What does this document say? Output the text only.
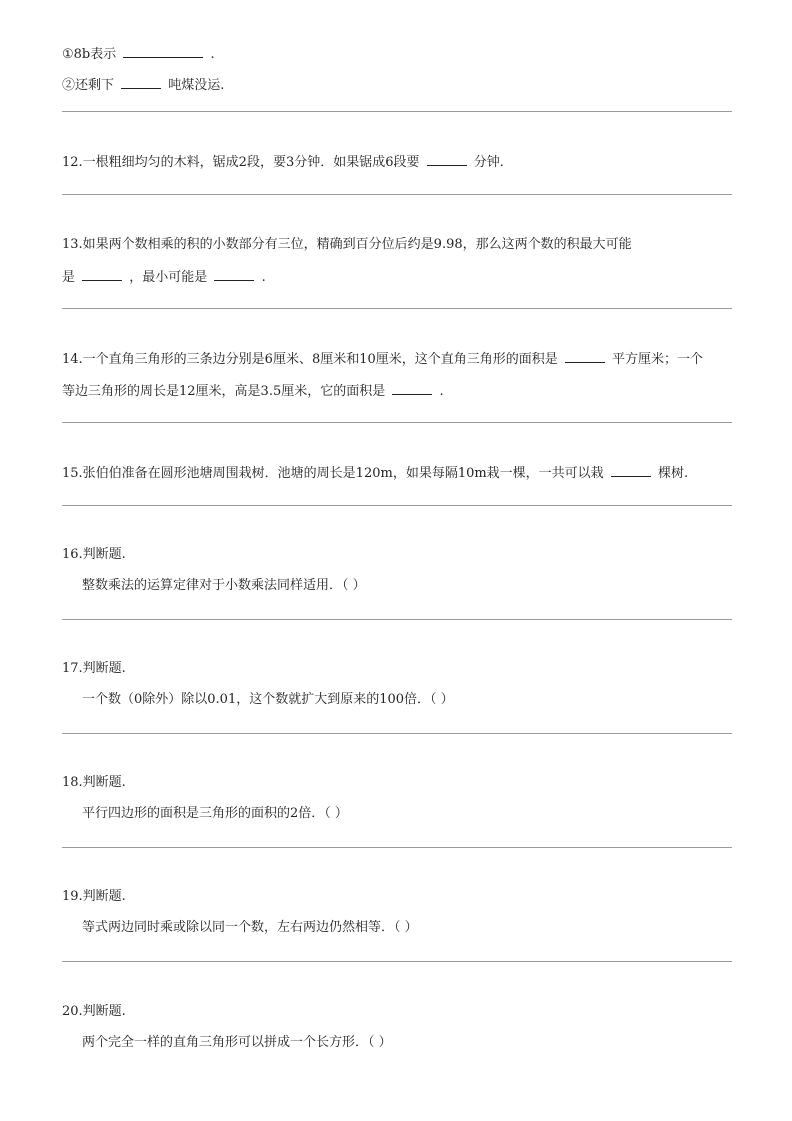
①8b表示	.
②还剩下	吨煤没运.
12.一根粗细均匀的木料，锯成2段，要3分钟．如果锯成6段要	分钟．
13.如果两个数相乘的积的小数部分有三位，精确到百分位后约是9.98，那么这两个数的积最大可能
是	，最小可能是	.
14.一个直角三角形的三条边分别是6厘米、8厘米和10厘米，这个直角三角形的面积是	平方厘米；一个
等边三角形的周长是12厘米，高是3.5厘米，它的面积是	.
15.张伯伯准备在圆形池塘周围栽树．池塘的周长是120m，如果每隔10m栽一棵，一共可以栽	棵树.
16.判断题.
整数乘法的运算定律对于小数乘法同样适用．（ ）
17.判断题.
一个数（0除外）除以0.01，这个数就扩大到原来的100倍．（ ）
18.判断题.
平行四边形的面积是三角形的面积的2倍．（ ）
19.判断题.
等式两边同时乘或除以同一个数，左右两边仍然相等．（ ）
20.判断题.
两个完全一样的直角三角形可以拼成一个长方形．（ ）
